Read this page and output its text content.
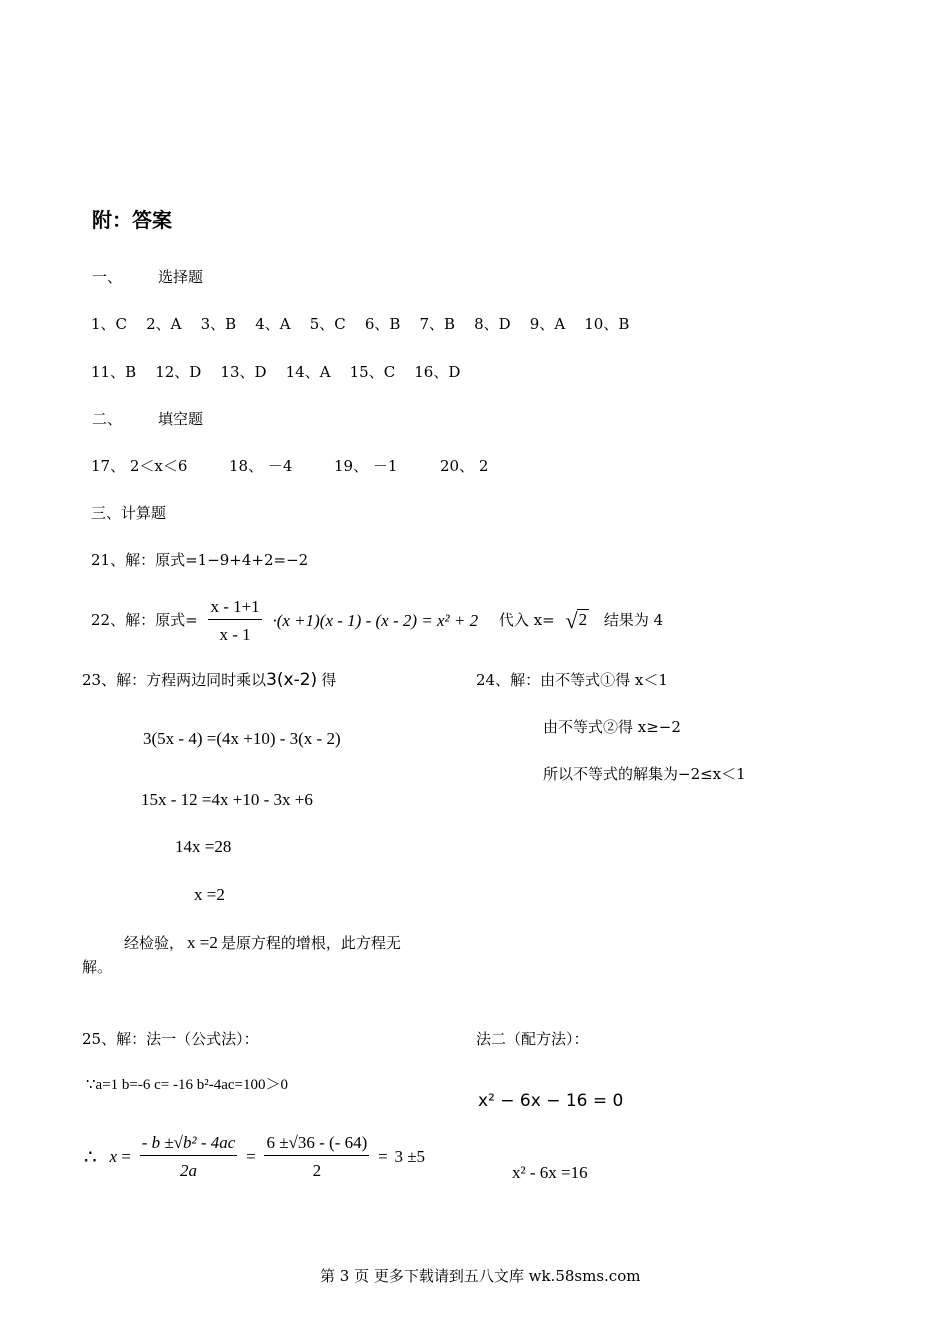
附：答案
一、 选择题
1、C 2、A 3、B 4、A 5、C 6、B 7、B 8、D 9、A 10、B
11、B 12、D 13、D 14、A 15、C 16、D
二、 填空题
17、 2＜x＜6	18、 －4	19、 －1	20、 2
三、计算题
21、解：原式=1−9+4+2=−2
22、解：原式= $\frac{x - 1+1}{x - 1} \cdot(x +1)(x - 1) - (x - 2) = x^2 + 2$ 代入 x= √2 结果为 4
23、解：方程两边同时乘以3(x-2) 得
3(5x - 4) =(4x +10) - 3(x - 2)
15x - 12 =4x +10 - 3x +6
14x =28
x =2
经检验， x =2 是原方程的增根，此方程无
解。
24、解：由不等式①得 x＜1
由不等式②得 x≥−2
所以不等式的解集为−2≤x＜1
25、解：法一（公式法）：	法二（配方法）：
∵a=1 b=-6 c= -16 b²-4ac=100＞0
x² − 6x − 16 = 0
∴ $x = \frac{\text{- b ±√b² - 4ac}}{2a} = \frac{6 \pm√36 - (- 64)}{2} = 3 \pm 5$
x² - 6x =16
第 3 页 更多下载请到五八文库 wk.58sms.com
